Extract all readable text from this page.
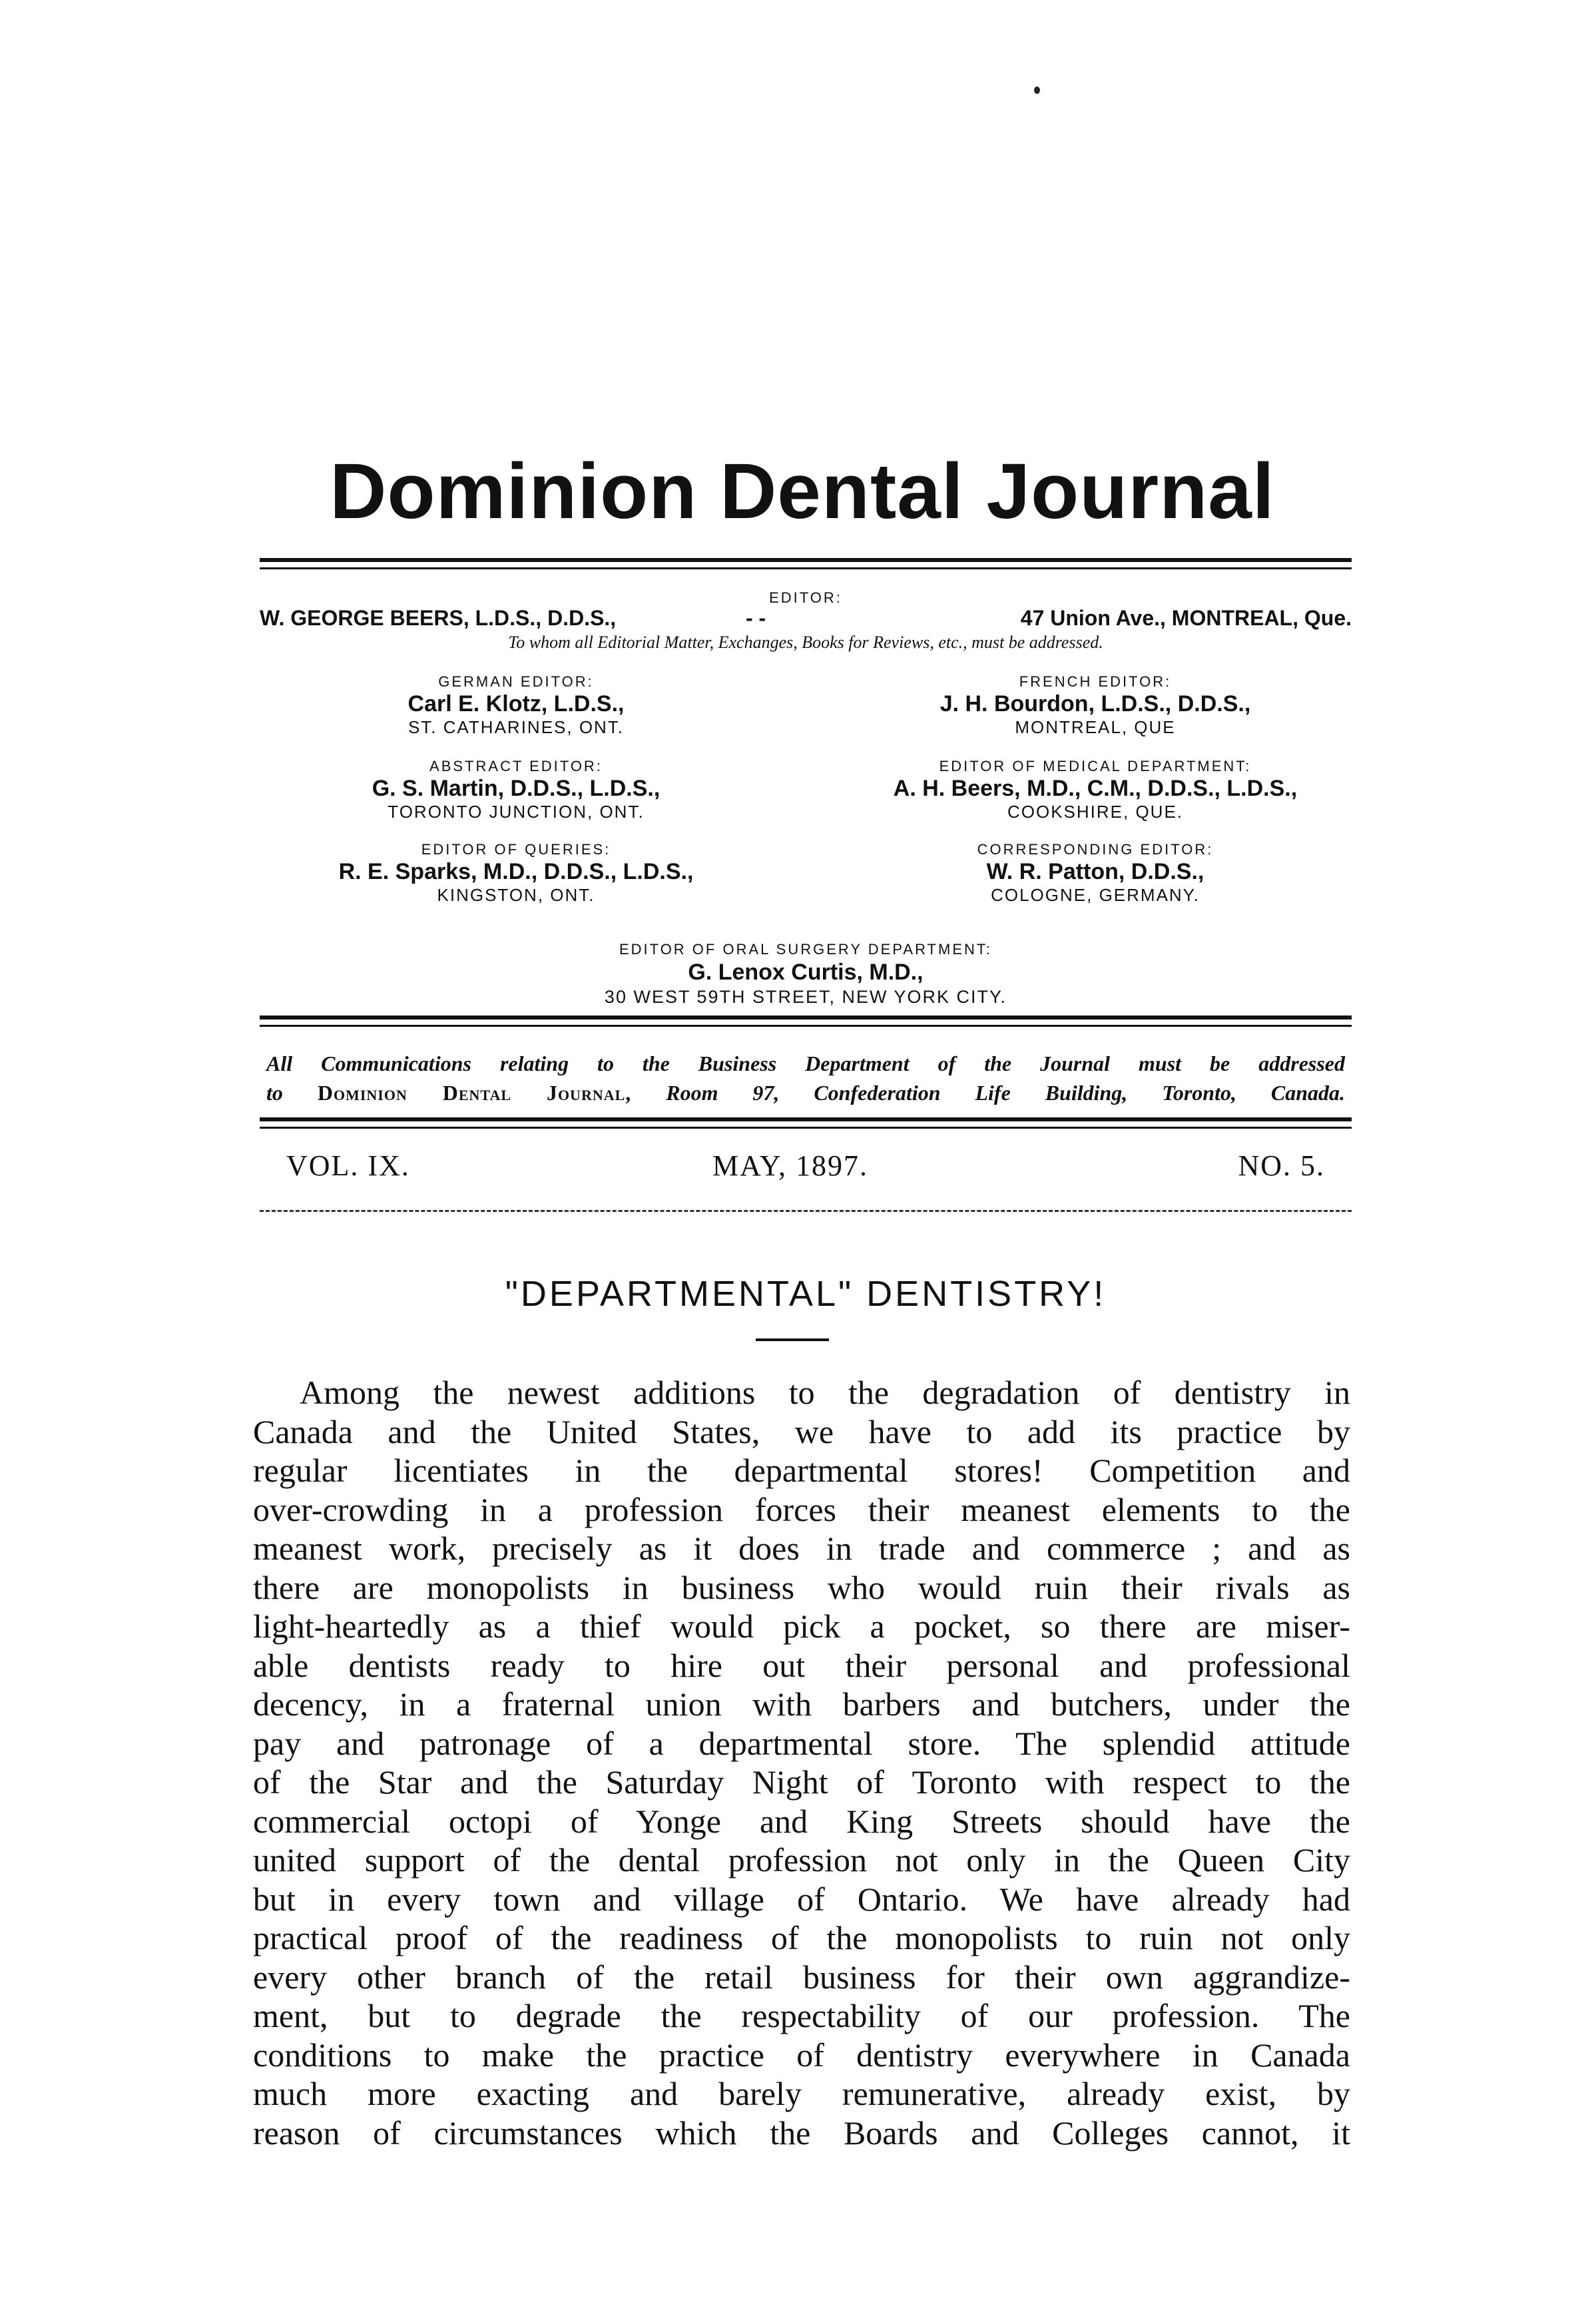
Dominion Dental Journal
EDITOR:
W. GEORGE BEERS, L.D.S., D.D.S.,	- -	47 Union Ave., MONTREAL, Que.
To whom all Editorial Matter, Exchanges, Books for Reviews, etc., must be addressed.
GERMAN EDITOR:
Carl E. Klotz, L.D.S.,
ST. CATHARINES, ONT.
FRENCH EDITOR:
J. H. Bourdon, L.D.S., D.D.S.,
MONTREAL, QUE
ABSTRACT EDITOR:
G. S. Martin, D.D.S., L.D.S.,
TORONTO JUNCTION, ONT.
EDITOR OF MEDICAL DEPARTMENT:
A. H. Beers, M.D., C.M., D.D.S., L.D.S.,
COOKSHIRE, QUE.
EDITOR OF QUERIES:
R. E. Sparks, M.D., D.D.S., L.D.S.,
KINGSTON, ONT.
CORRESPONDING EDITOR:
W. R. Patton, D.D.S.,
COLOGNE, GERMANY.
EDITOR OF ORAL SURGERY DEPARTMENT:
G. Lenox Curtis, M.D.,
30 WEST 59TH STREET, NEW YORK CITY.
All Communications relating to the Business Department of the Journal must be addressed
to Dominion Dental Journal, Room 97, Confederation Life Building, Toronto, Canada.
VOL. IX.	MAY, 1897.	NO. 5.
"DEPARTMENTAL" DENTISTRY!
Among the newest additions to the degradation of dentistry in
Canada and the United States, we have to add its practice by
regular licentiates in the departmental stores! Competition and
over-crowding in a profession forces their meanest elements to the
meanest work, precisely as it does in trade and commerce ; and as
there are monopolists in business who would ruin their rivals as
light-heartedly as a thief would pick a pocket, so there are miser-
able dentists ready to hire out their personal and professional
decency, in a fraternal union with barbers and butchers, under the
pay and patronage of a departmental store. The splendid attitude
of the Star and the Saturday Night of Toronto with respect to the
commercial octopi of Yonge and King Streets should have the
united support of the dental profession not only in the Queen City
but in every town and village of Ontario. We have already had
practical proof of the readiness of the monopolists to ruin not only
every other branch of the retail business for their own aggrandize-
ment, but to degrade the respectability of our profession. The
conditions to make the practice of dentistry everywhere in Canada
much more exacting and barely remunerative, already exist, by
reason of circumstances which the Boards and Colleges cannot, it
